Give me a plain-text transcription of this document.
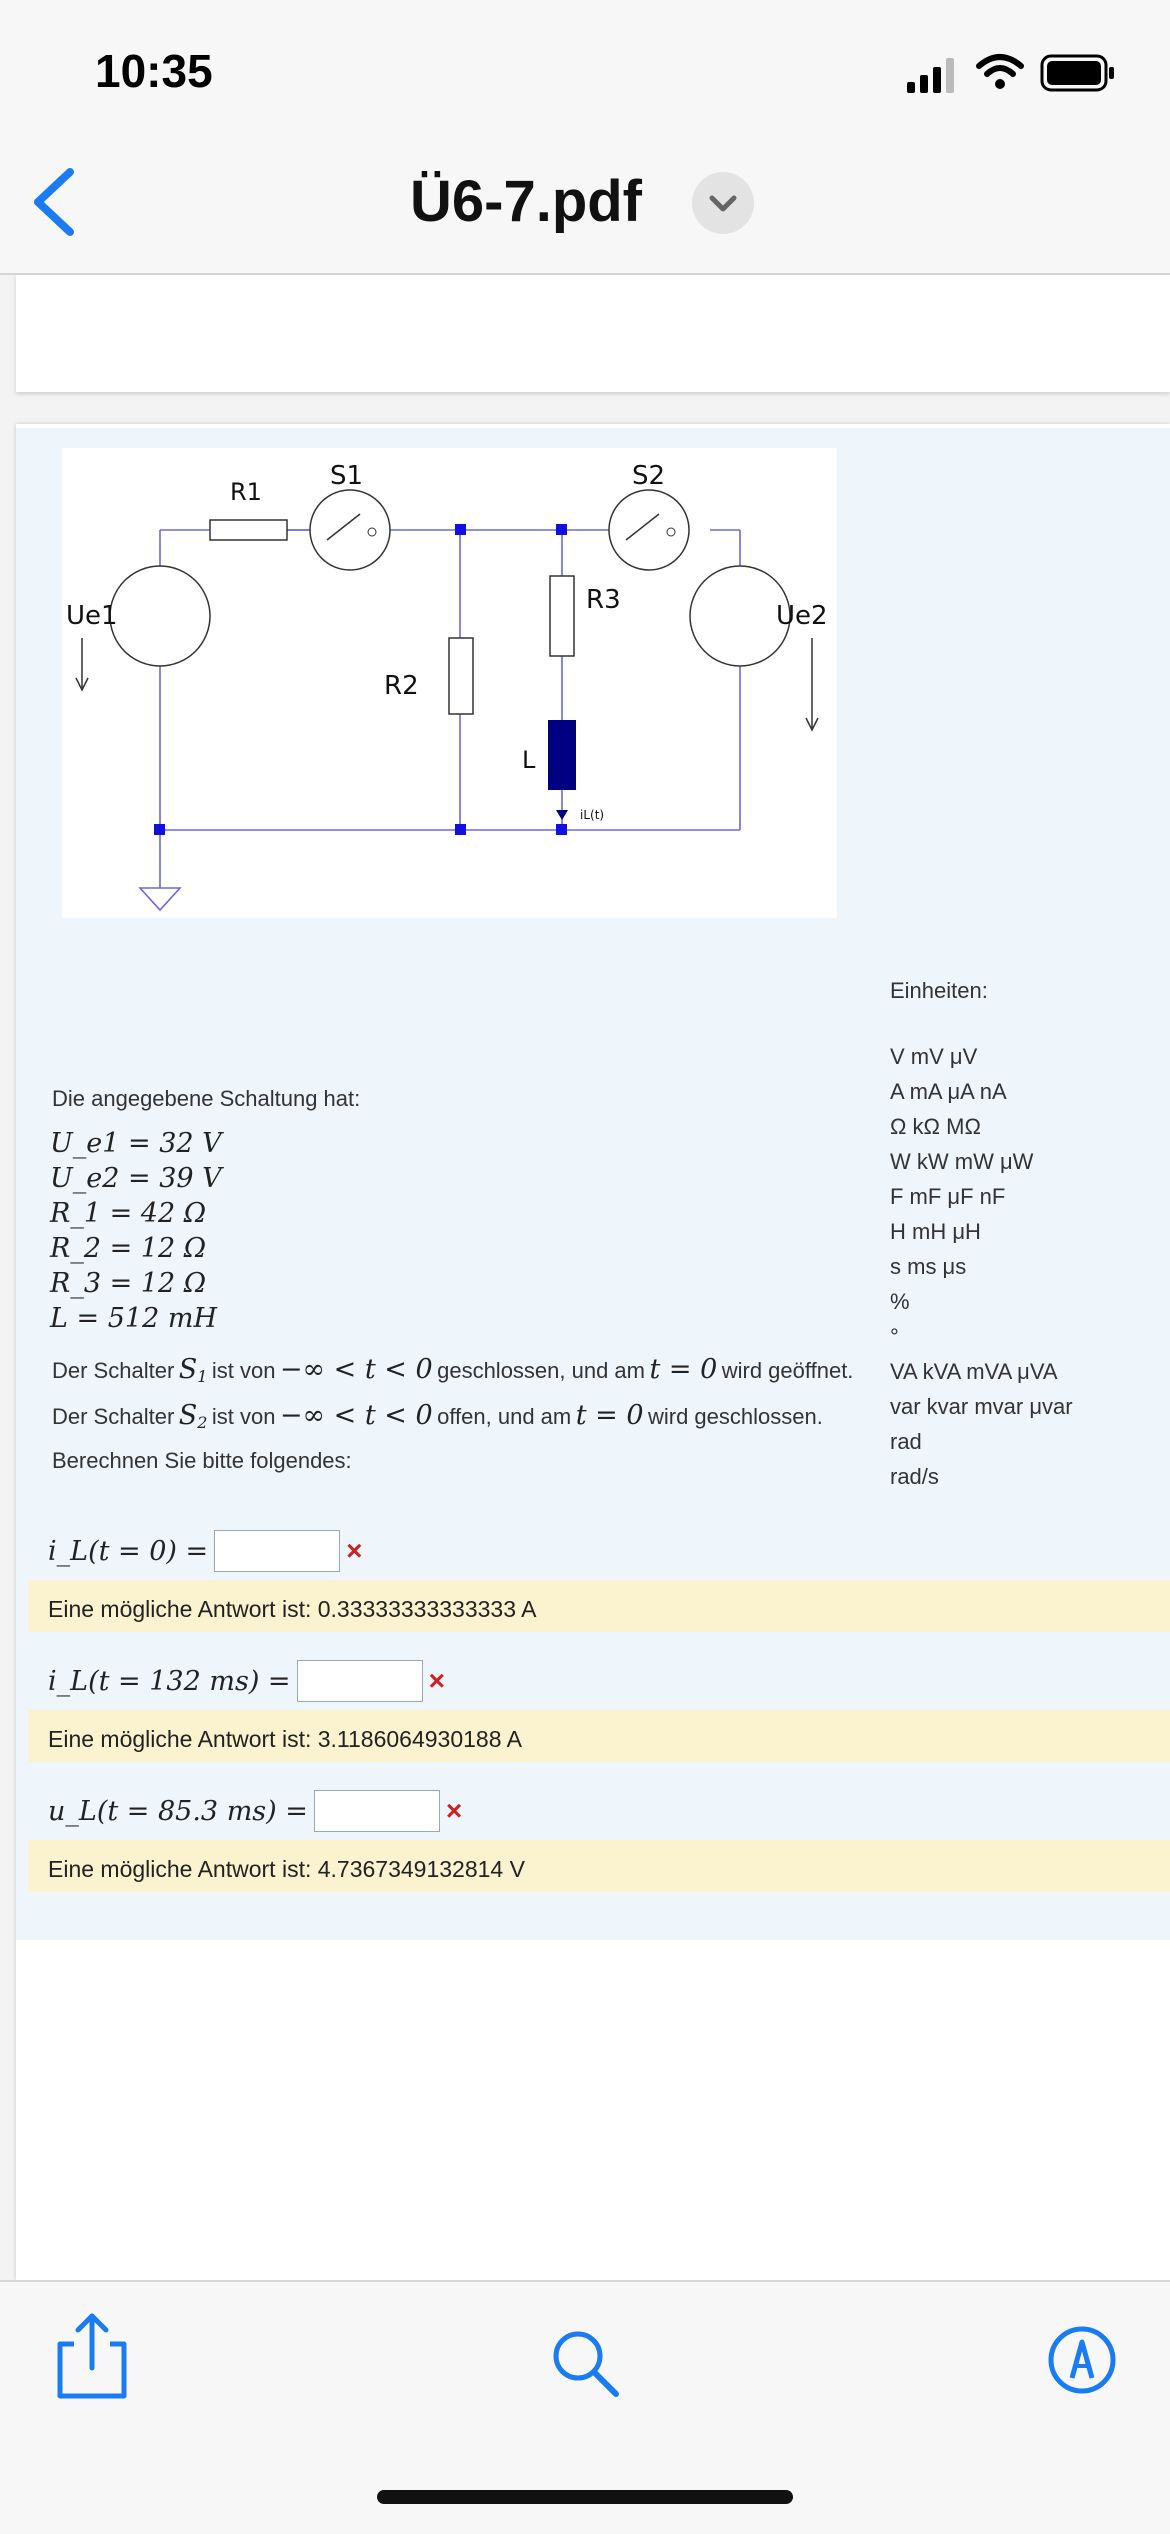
10:35
Ü6-7.pdf
R1
S1	S2
R2
R3
L
iL(t)
Ue1	Ue2
Einheiten:
V mV μV
A mA μA nA
Ω kΩ MΩ
W kW mW μW
F mF μF nF
H mH μH
s ms μs
%
°
VA kVA mVA μVA
var kvar mvar μvar
rad
rad/s
Die angegebene Schaltung hat:
U_e1 = 32 V
U_e2 = 39 V
R_1 = 42 Ω
R_2 = 12 Ω
R_3 = 12 Ω
L = 512 mH
Der Schalter $S_1$ ist von −∞ < t < 0 geschlossen, und am t = 0 wird geöffnet.
Der Schalter $S_2$ ist von −∞ < t < 0 offen, und am t = 0 wird geschlossen.
Berechnen Sie bitte folgendes:
i_L(t = 0) =	×
Eine mögliche Antwort ist: 0.33333333333333 A
i_L(t = 132 ms) =	×
Eine mögliche Antwort ist: 3.1186064930188 A
u_L(t = 85.3 ms) =	×
Eine mögliche Antwort ist: 4.7367349132814 V
